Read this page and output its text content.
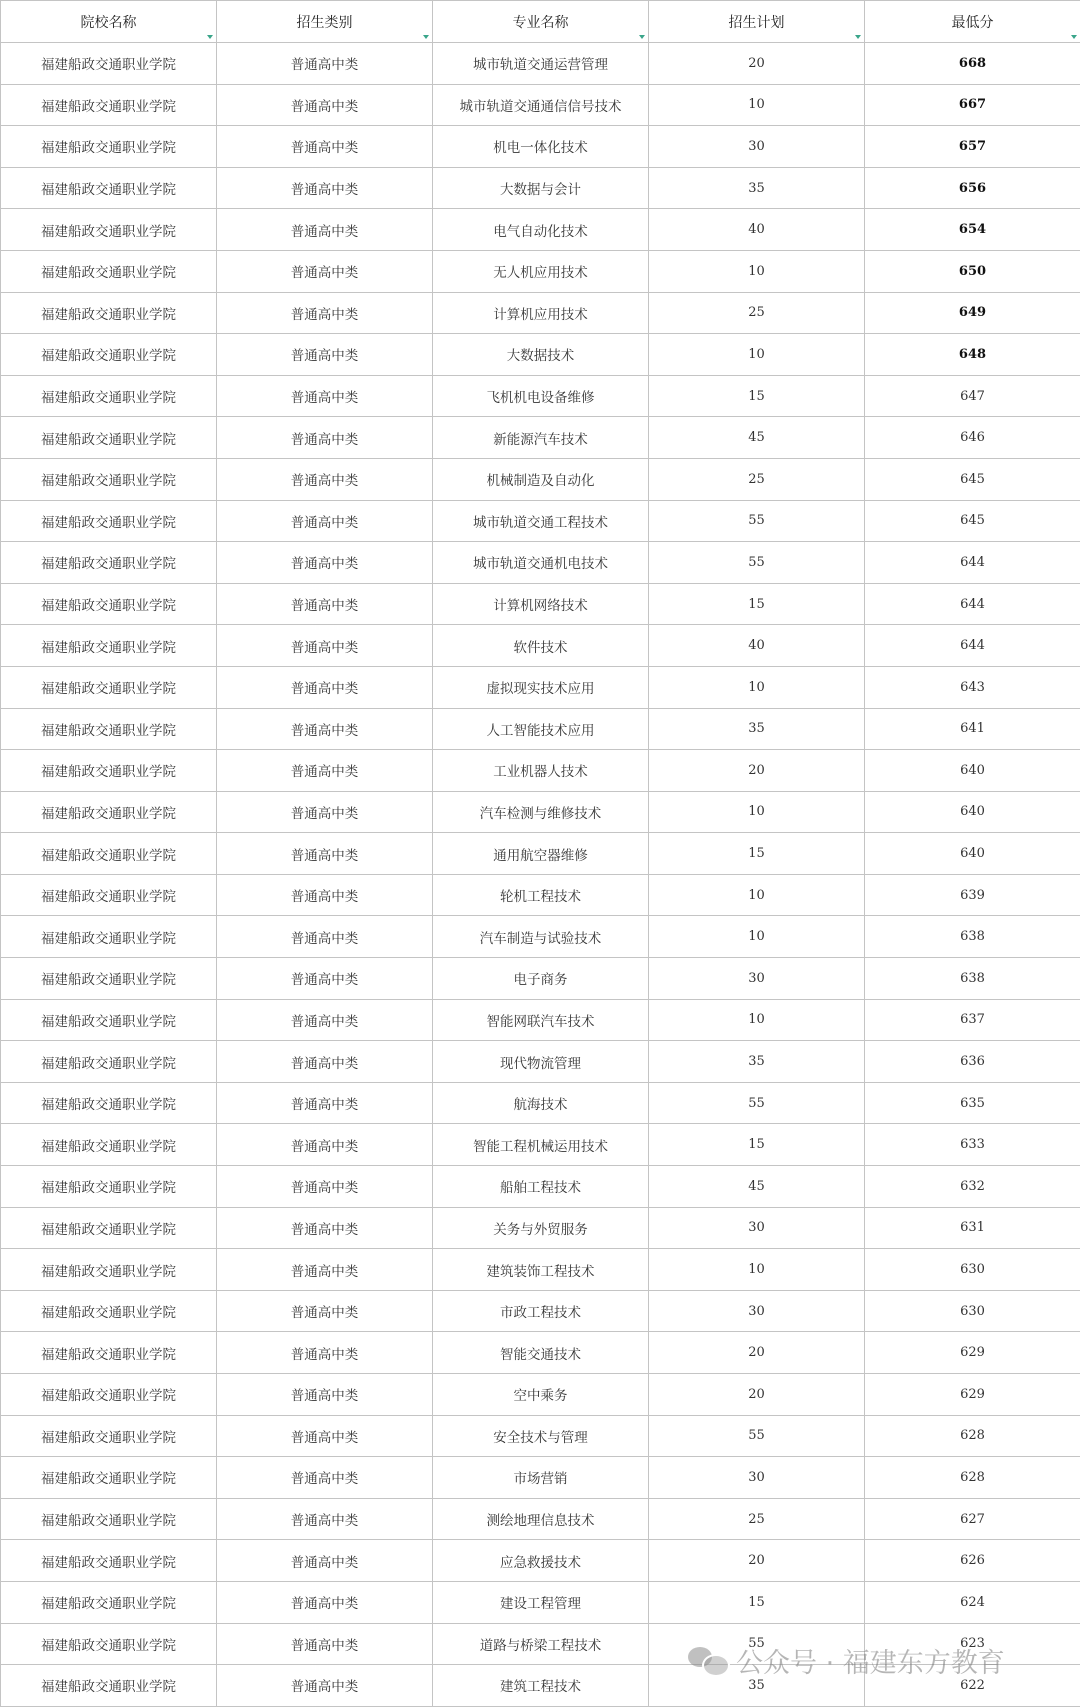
院校名称	招生类别	专业名称	招生计划	最低分

福建船政交通职业学院	普通高中类	城市轨道交通运营管理	20	668
福建船政交通职业学院	普通高中类	城市轨道交通通信信号技术	10	667
福建船政交通职业学院	普通高中类	机电一体化技术	30	657
福建船政交通职业学院	普通高中类	大数据与会计	35	656
福建船政交通职业学院	普通高中类	电气自动化技术	40	654
福建船政交通职业学院	普通高中类	无人机应用技术	10	650
福建船政交通职业学院	普通高中类	计算机应用技术	25	649
福建船政交通职业学院	普通高中类	大数据技术	10	648
福建船政交通职业学院	普通高中类	飞机机电设备维修	15	647
福建船政交通职业学院	普通高中类	新能源汽车技术	45	646
福建船政交通职业学院	普通高中类	机械制造及自动化	25	645
福建船政交通职业学院	普通高中类	城市轨道交通工程技术	55	645
福建船政交通职业学院	普通高中类	城市轨道交通机电技术	55	644
福建船政交通职业学院	普通高中类	计算机网络技术	15	644
福建船政交通职业学院	普通高中类	软件技术	40	644
福建船政交通职业学院	普通高中类	虚拟现实技术应用	10	643
福建船政交通职业学院	普通高中类	人工智能技术应用	35	641
福建船政交通职业学院	普通高中类	工业机器人技术	20	640
福建船政交通职业学院	普通高中类	汽车检测与维修技术	10	640
福建船政交通职业学院	普通高中类	通用航空器维修	15	640
福建船政交通职业学院	普通高中类	轮机工程技术	10	639
福建船政交通职业学院	普通高中类	汽车制造与试验技术	10	638
福建船政交通职业学院	普通高中类	电子商务	30	638
福建船政交通职业学院	普通高中类	智能网联汽车技术	10	637
福建船政交通职业学院	普通高中类	现代物流管理	35	636
福建船政交通职业学院	普通高中类	航海技术	55	635
福建船政交通职业学院	普通高中类	智能工程机械运用技术	15	633
福建船政交通职业学院	普通高中类	船舶工程技术	45	632
福建船政交通职业学院	普通高中类	关务与外贸服务	30	631
福建船政交通职业学院	普通高中类	建筑装饰工程技术	10	630
福建船政交通职业学院	普通高中类	市政工程技术	30	630
福建船政交通职业学院	普通高中类	智能交通技术	20	629
福建船政交通职业学院	普通高中类	空中乘务	20	629
福建船政交通职业学院	普通高中类	安全技术与管理	55	628
福建船政交通职业学院	普通高中类	市场营销	30	628
福建船政交通职业学院	普通高中类	测绘地理信息技术	25	627
福建船政交通职业学院	普通高中类	应急救援技术	20	626
福建船政交通职业学院	普通高中类	建设工程管理	15	624
福建船政交通职业学院	普通高中类	道路与桥梁工程技术	55	623
福建船政交通职业学院	普通高中类	建筑工程技术	35	622
公众号 · 福建东方教育
